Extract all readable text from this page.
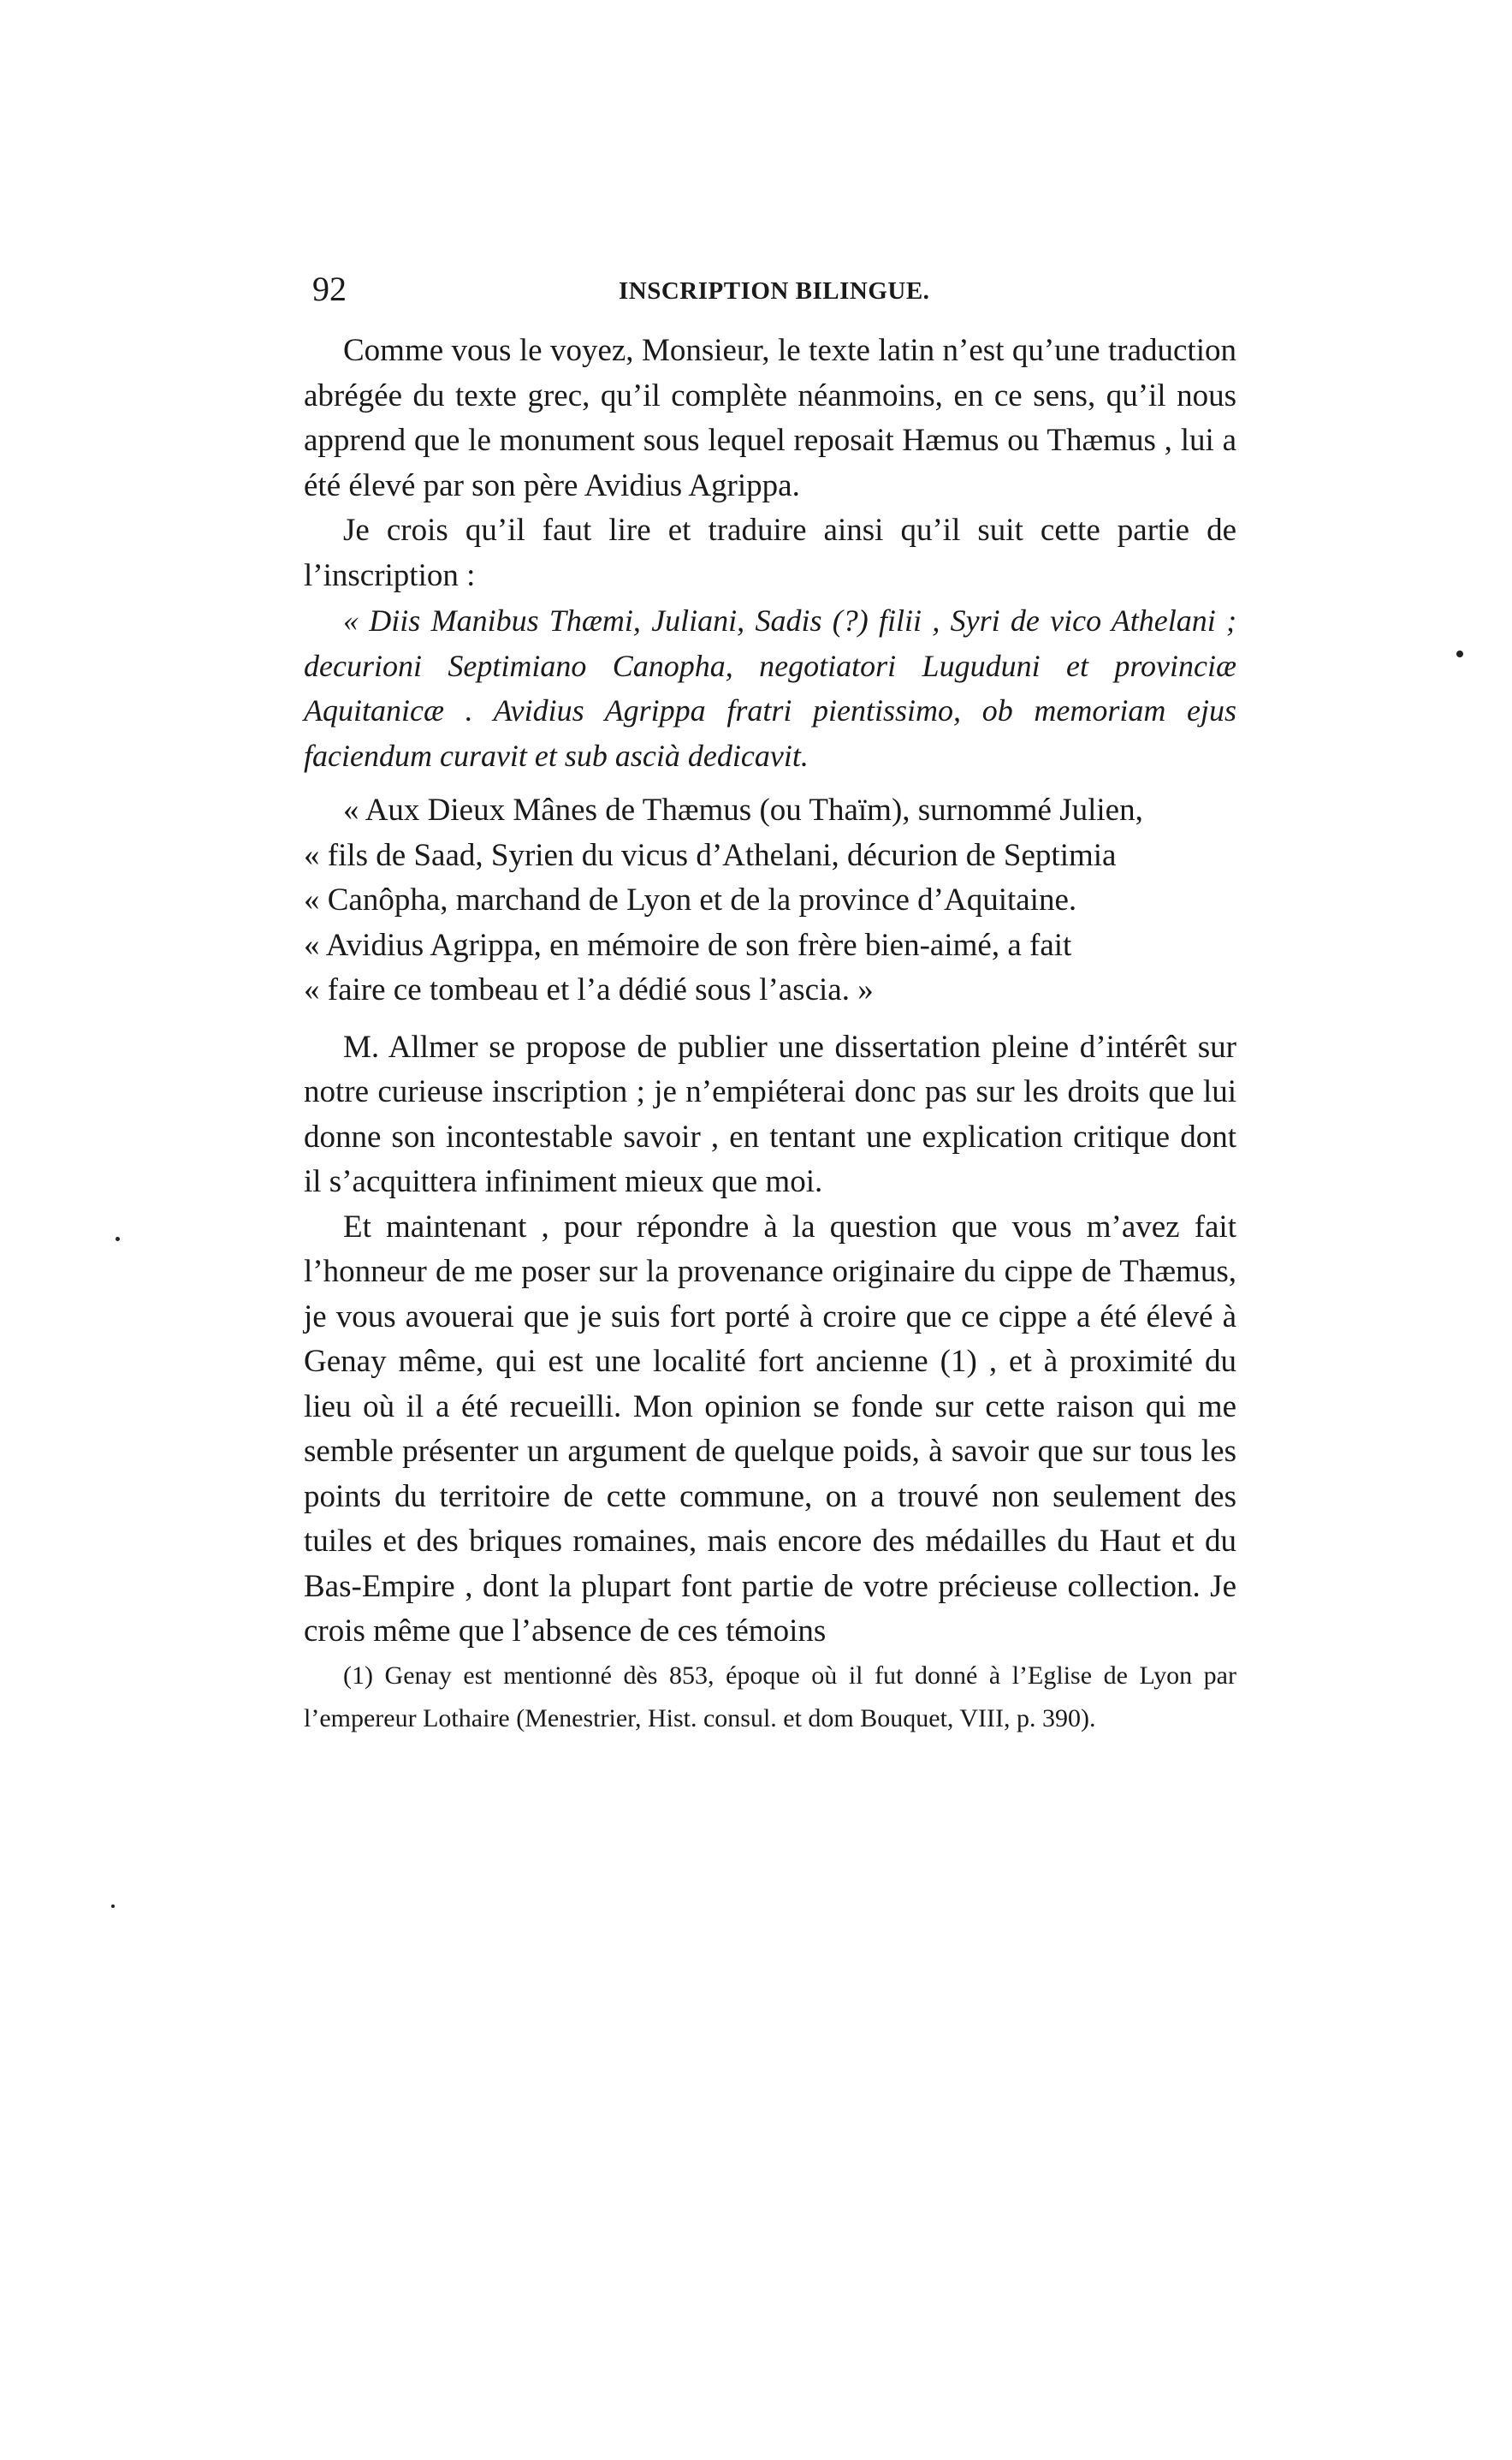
92	INSCRIPTION BILINGUE.

Comme vous le voyez, Monsieur, le texte latin n’est qu’une traduction abrégée du texte grec, qu’il complète néanmoins, en ce sens, qu’il nous apprend que le monument sous lequel reposait Hæmus ou Thæmus , lui a été élevé par son père Avidius Agrippa.

Je crois qu’il faut lire et traduire ainsi qu’il suit cette partie de l’inscription :

« Diis Manibus Thæmi, Juliani, Sadis (?) filii , Syri de vico Athelani ; decurioni Septimiano Canopha, negotiatori Luguduni et provinciæ Aquitanicæ . Avidius Agrippa fratri pientissimo, ob memoriam ejus faciendum curavit et sub ascià dedicavit.

« Aux Dieux Mânes de Thæmus (ou Thaïm), surnommé Julien,
« fils de Saad, Syrien du vicus d’Athelani, décurion de Septimia
« Canôpha, marchand de Lyon et de la province d’Aquitaine.
« Avidius Agrippa, en mémoire de son frère bien-aimé, a fait
« faire ce tombeau et l’a dédié sous l’ascia. »

M. Allmer se propose de publier une dissertation pleine d’intérêt sur notre curieuse inscription ; je n’empiéterai donc pas sur les droits que lui donne son incontestable savoir , en tentant une explication critique dont il s’acquittera infiniment mieux que moi.

Et maintenant , pour répondre à la question que vous m’avez fait l’honneur de me poser sur la provenance originaire du cippe de Thæmus, je vous avouerai que je suis fort porté à croire que ce cippe a été élevé à Genay même, qui est une localité fort ancienne (1) , et à proximité du lieu où il a été recueilli. Mon opinion se fonde sur cette raison qui me semble présenter un argument de quelque poids, à savoir que sur tous les points du territoire de cette commune, on a trouvé non seulement des tuiles et des briques romaines, mais encore des médailles du Haut et du Bas-Empire , dont la plupart font partie de votre précieuse collection. Je crois même que l’absence de ces témoins

(1) Genay est mentionné dès 853, époque où il fut donné à l’Eglise de Lyon par l’empereur Lothaire (Menestrier, Hist. consul. et dom Bouquet, VIII, p. 390).
